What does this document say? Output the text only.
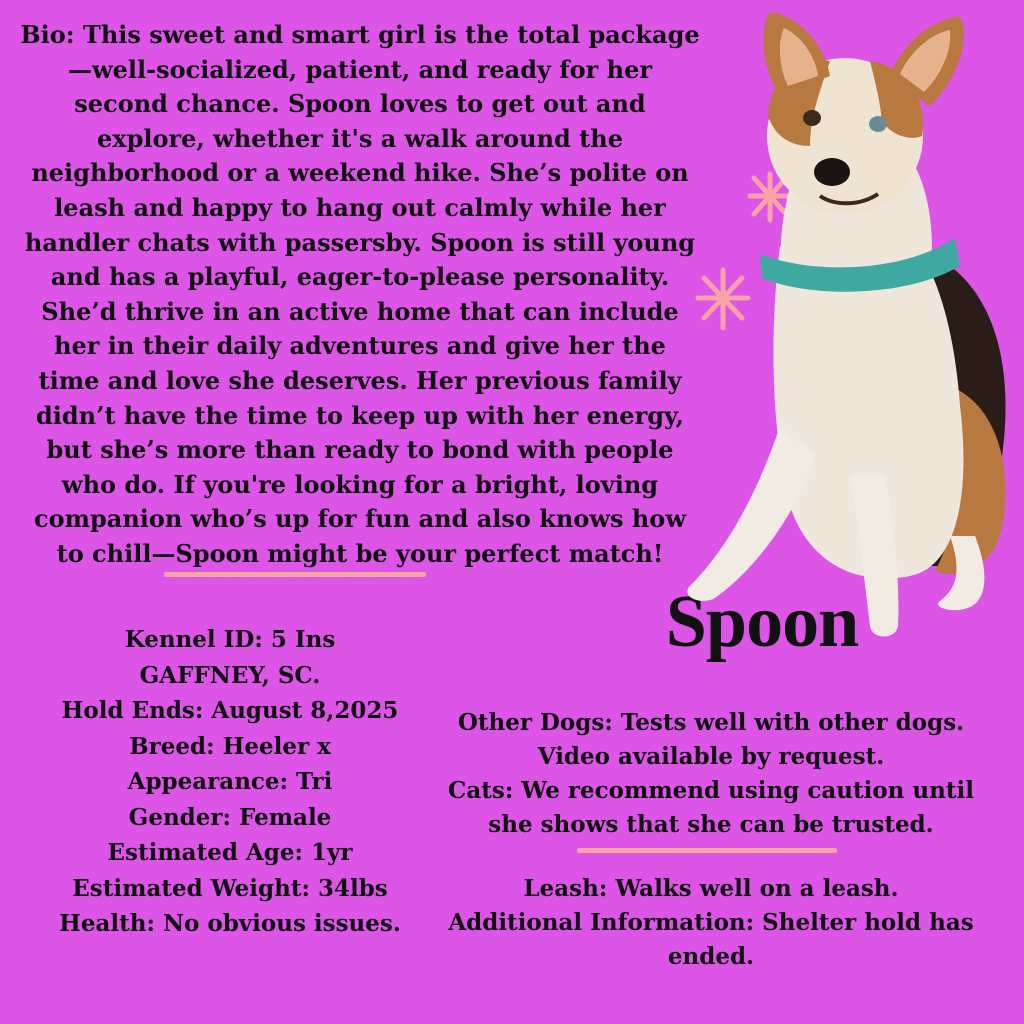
Bio: This sweet and smart girl is the total package—well-socialized, patient, and ready for her second chance. Spoon loves to get out and explore, whether it's a walk around the neighborhood or a weekend hike. She’s polite on leash and happy to hang out calmly while her handler chats with passersby. Spoon is still young and has a playful, eager-to-please personality. She’d thrive in an active home that can include her in their daily adventures and give her the time and love she deserves. Her previous family didn’t have the time to keep up with her energy, but she’s more than ready to bond with people who do. If you're looking for a bright, loving companion who’s up for fun and also knows how to chill—Spoon might be your perfect match!

Spoon
Kennel ID: 5 Ins
GAFFNEY, SC.
Hold Ends: August 8,2025
Breed: Heeler x
Appearance: Tri
Gender: Female
Estimated Age: 1yr
Estimated Weight: 34lbs
Health: No obvious issues.

Other Dogs: Tests well with other dogs. Video available by request.

Cats: We recommend using caution until she shows that she can be trusted.

Leash: Walks well on a leash.

Additional Information: Shelter hold has ended.
